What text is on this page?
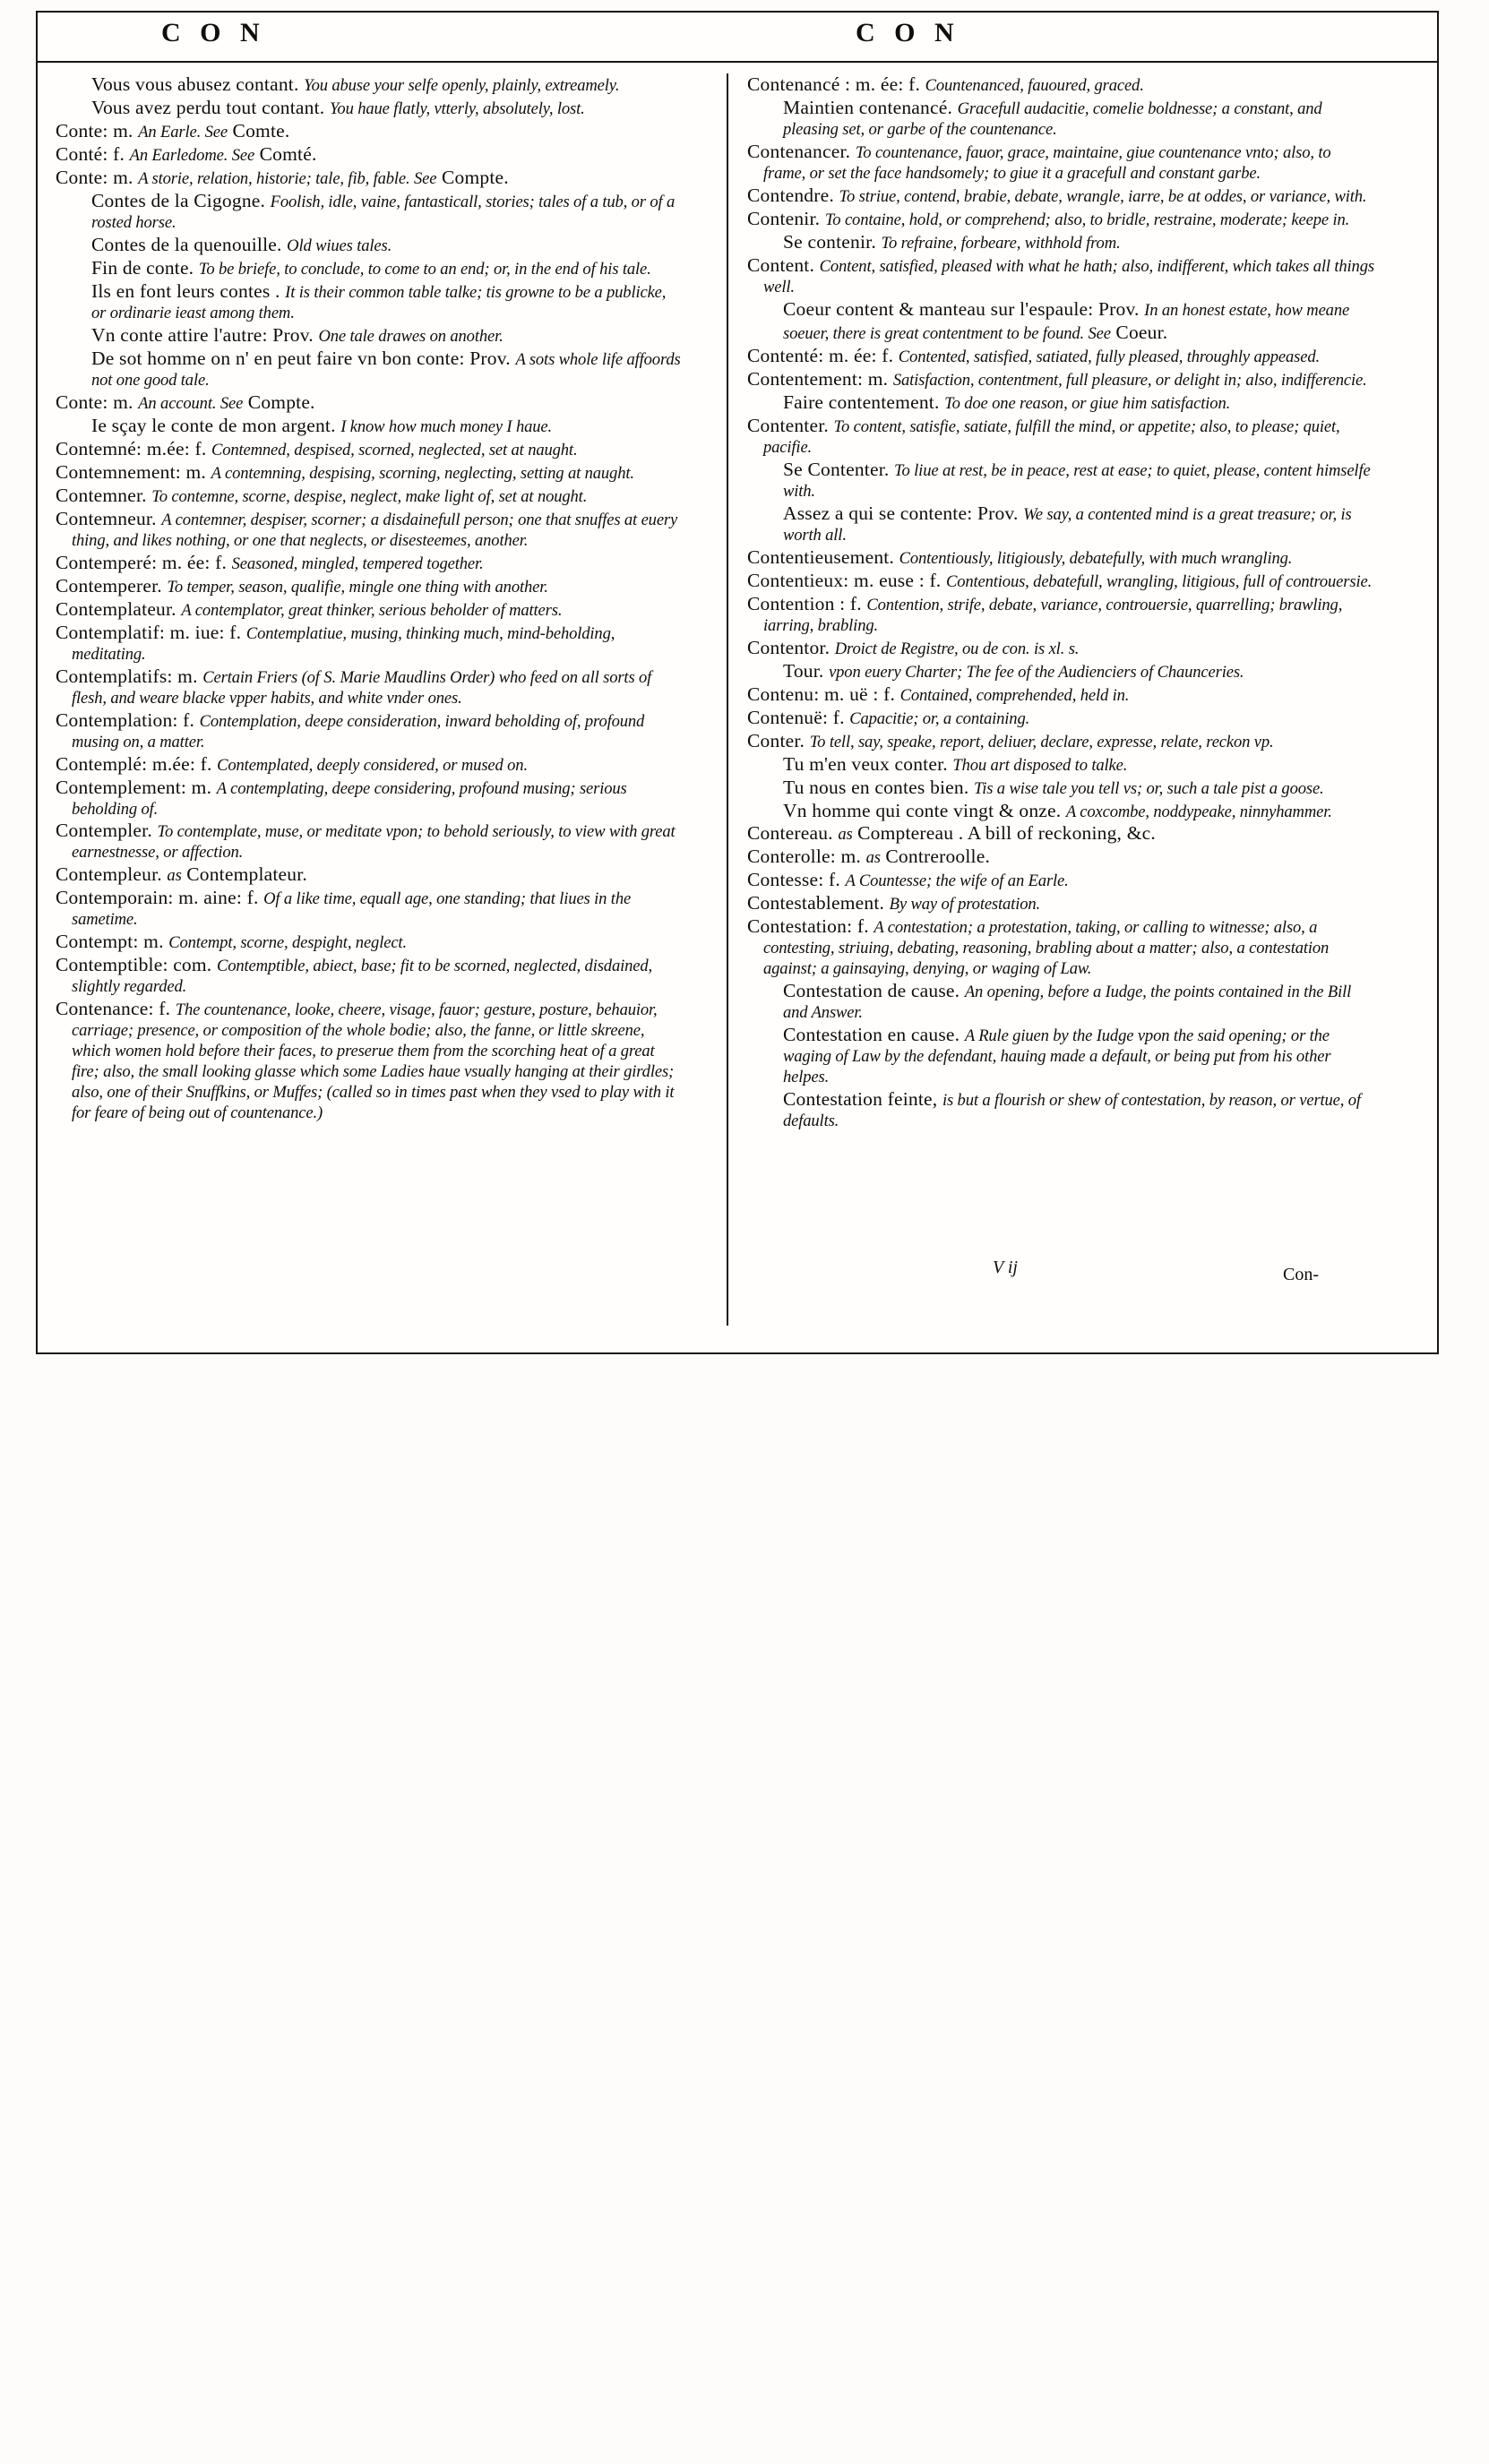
C O N	C O N
Vous vous abusez contant. You abuse your selfe openly, plainly, extreamely.
Vous avez perdu tout contant. You haue flatly, vtterly, absolutely, lost.
Conte: m. An Earle. See Comte.
Conté: f. An Earledome. See Comté.
Conte: m. A storie, relation, historie; tale, fib, fable. See Compte.
Contes de la Cigogne. Foolish, idle, vaine, fantasticall, stories; tales of a tub, or of a rosted horse.
Contes de la quenouille. Old wiues tales.
Fin de conte. To be briefe, to conclude, to come to an end; or, in the end of his tale.
Ils en font leurs contes . It is their common table talke; tis growne to be a publicke, or ordinarie ieast among them.
Vn conte attire l'autre: Prov. One tale drawes on another.
De sot homme on n' en peut faire vn bon conte: Prov. A sots whole life affoords not one good tale.
Conte: m. An account. See Compte.
Ie sçay le conte de mon argent. I know how much money I haue.
Contemné: m.ée: f. Contemned, despised, scorned, neglected, set at naught.
Contemnement: m. A contemning, despising, scorning, neglecting, setting at naught.
Contemner. To contemne, scorne, despise, neglect, make light of, set at nought.
Contemneur. A contemner, despiser, scorner; a disdainefull person; one that snuffes at euery thing, and likes nothing, or one that neglects, or disesteemes, another.
Contemperé: m. ée: f. Seasoned, mingled, tempered together.
Contemperer. To temper, season, qualifie, mingle one thing with another.
Contemplateur. A contemplator, great thinker, serious beholder of matters.
Contemplatif: m. iue: f. Contemplatiue, musing, thinking much, mind-beholding, meditating.
Contemplatifs: m. Certain Friers (of S. Marie Maudlins Order) who feed on all sorts of flesh, and weare blacke vpper habits, and white vnder ones.
Contemplation: f. Contemplation, deepe consideration, inward beholding of, profound musing on, a matter.
Contemplé: m.ée: f. Contemplated, deeply considered, or mused on.
Contemplement: m. A contemplating, deepe considering, profound musing; serious beholding of.
Contempler. To contemplate, muse, or meditate vpon; to behold seriously, to view with great earnestnesse, or affection.
Contempleur. as Contemplateur.
Contemporain: m. aine: f. Of a like time, equall age, one standing; that liues in the sametime.
Contempt: m. Contempt, scorne, despight, neglect.
Contemptible: com. Contemptible, abiect, base; fit to be scorned, neglected, disdained, slightly regarded.
Contenance: f. The countenance, looke, cheere, visage, fauor; gesture, posture, behauior, carriage; presence, or composition of the whole bodie; also, the fanne, or little skreene, which women hold before their faces, to preserue them from the scorching heat of a great fire; also, the small looking glasse which some Ladies haue vsually hanging at their girdles; also, one of their Snuffkins, or Muffes; (called so in times past when they vsed to play with it for feare of being out of countenance.)
Contenancé : m. ée: f. Countenanced, fauoured, graced.
Maintien contenancé. Gracefull audacitie, comelie boldnesse; a constant, and pleasing set, or garbe of the countenance.
Contenancer. To countenance, fauor, grace, maintaine, giue countenance vnto; also, to frame, or set the face handsomely; to giue it a gracefull and constant garbe.
Contendre. To striue, contend, brabie, debate, wrangle, iarre, be at oddes, or variance, with.
Contenir. To containe, hold, or comprehend; also, to bridle, restraine, moderate; keepe in.
Se contenir. To refraine, forbeare, withhold from.
Content. Content, satisfied, pleased with what he hath; also, indifferent, which takes all things well.
Coeur content & manteau sur l'espaule: Prov. In an honest estate, how meane soeuer, there is great contentment to be found. See Coeur.
Contenté: m. ée: f. Contented, satisfied, satiated, fully pleased, throughly appeased.
Contentement: m. Satisfaction, contentment, full pleasure, or delight in; also, indifferencie.
Faire contentement. To doe one reason, or giue him satisfaction.
Contenter. To content, satisfie, satiate, fulfill the mind, or appetite; also, to please; quiet, pacifie.
Se Contenter. To liue at rest, be in peace, rest at ease; to quiet, please, content himselfe with.
Assez a qui se contente: Prov. We say, a contented mind is a great treasure; or, is worth all.
Contentieusement. Contentiously, litigiously, debatefully, with much wrangling.
Contentieux: m. euse : f. Contentious, debatefull, wrangling, litigious, full of controuersie.
Contention : f. Contention, strife, debate, variance, controuersie, quarrelling; brawling, iarring, brabling.
Contentor. Droict de Registre, ou de con. is xl. s.
Tour. vpon euery Charter; The fee of the Audienciers of Chaunceries.
Contenu: m. uë : f. Contained, comprehended, held in.
Contenuë: f. Capacitie; or, a containing.
Conter. To tell, say, speake, report, deliuer, declare, expresse, relate, reckon vp.
Tu m'en veux conter. Thou art disposed to talke.
Tu nous en contes bien. Tis a wise tale you tell vs; or, such a tale pist a goose.
Vn homme qui conte vingt & onze. A coxcombe, noddypeake, ninnyhammer.
Contereau. as Comptereau . A bill of reckoning, &c.
Conterolle: m. as Contreroolle.
Contesse: f. A Countesse; the wife of an Earle.
Contestablement. By way of protestation.
Contestation: f. A contestation; a protestation, taking, or calling to witnesse; also, a contesting, striuing, debating, reasoning, brabling about a matter; also, a contestation against; a gainsaying, denying, or waging of Law.
Contestation de cause. An opening, before a Iudge, the points contained in the Bill and Answer.
Contestation en cause. A Rule giuen by the Iudge vpon the said opening; or the waging of Law by the defendant, hauing made a default, or being put from his other helpes.
Contestation feinte, is but a flourish or shew of contestation, by reason, or vertue, of defaults.
V ij	Con-
